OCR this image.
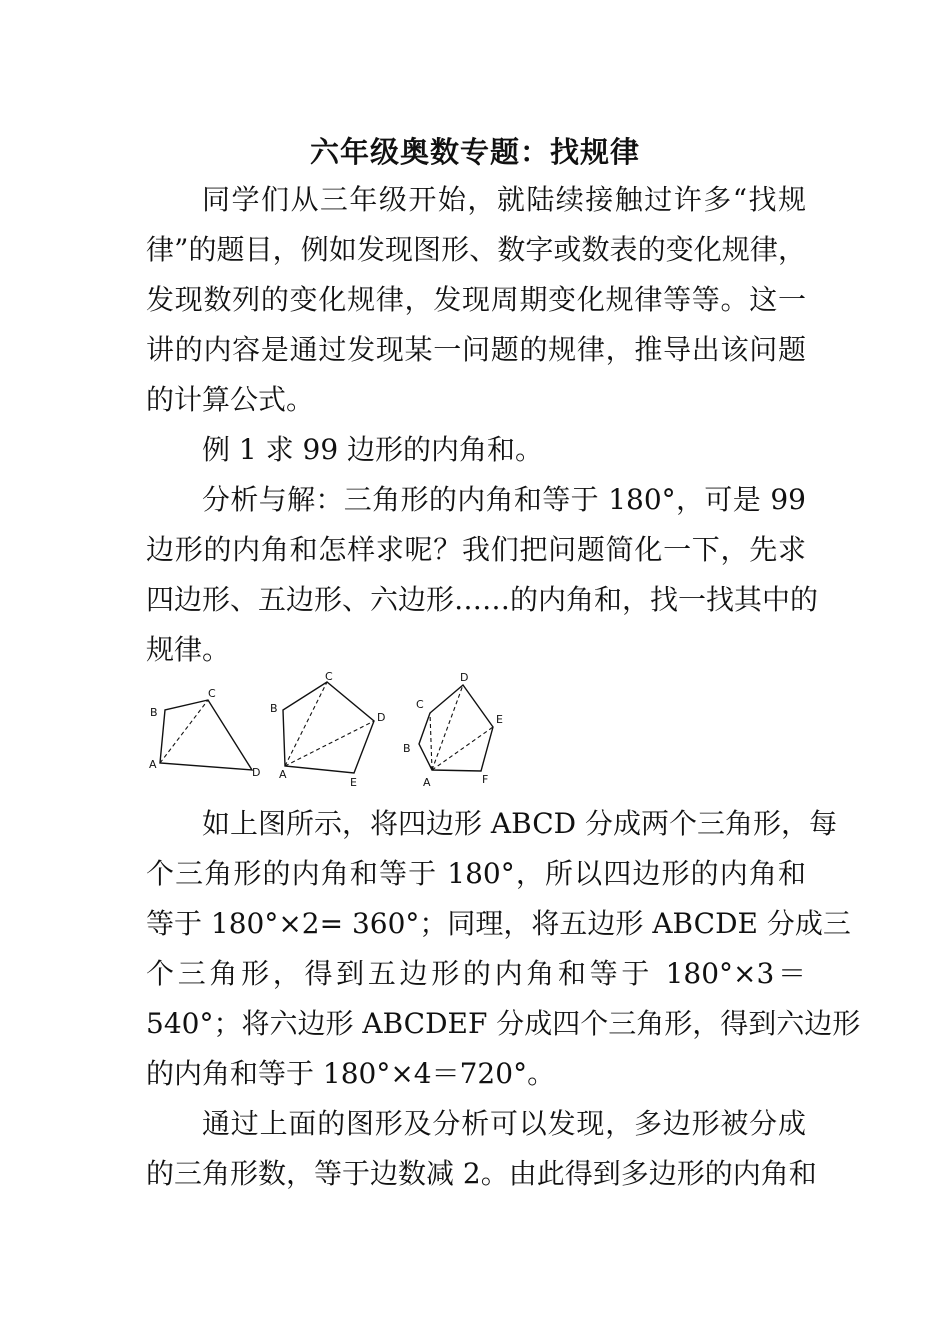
六年级奥数专题：找规律
同学们从三年级开始，就陆续接触过许多“找规
律”的题目，例如发现图形、数字或数表的变化规律，
发现数列的变化规律，发现周期变化规律等等。这一
讲的内容是通过发现某一问题的规律，推导出该问题
的计算公式。
例 1 求 99 边形的内角和。
分析与解：三角形的内角和等于 180°，可是 99
边形的内角和怎样求呢？我们把问题简化一下，先求
四边形、五边形、六边形……的内角和，找一找其中的
规律。
A
B
C
D A
B
C
D
E	A
B
C
D
E
F
如上图所示，将四边形 ABCD 分成两个三角形，每
个三角形的内角和等于 180°，所以四边形的内角和
等于 180°×2= 360°；同理，将五边形 ABCDE 分成三
个三角形，得到五边形的内角和等于 180°×3＝
540°；将六边形 ABCDEF 分成四个三角形，得到六边形
的内角和等于 180°×4＝720°。
通过上面的图形及分析可以发现，多边形被分成
的三角形数，等于边数减 2。由此得到多边形的内角和
